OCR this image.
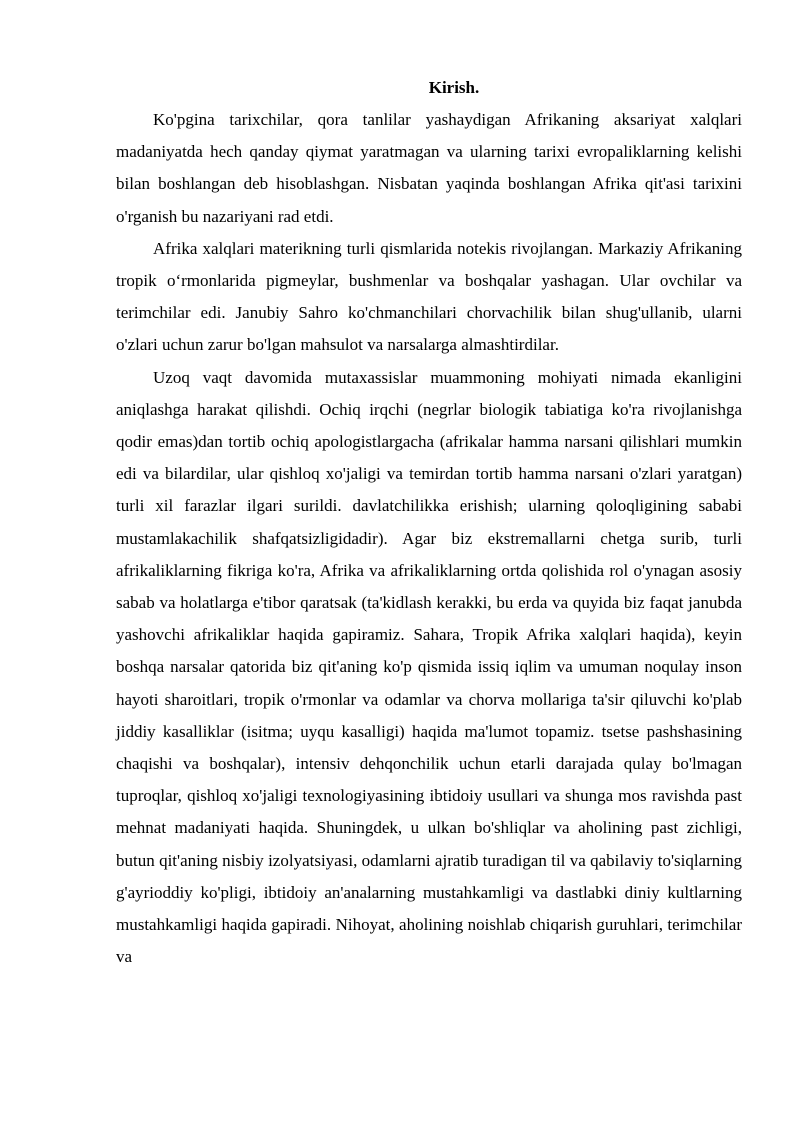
Kirish.

Ko'pgina tarixchilar, qora tanlilar yashaydigan Afrikaning aksariyat xalqlari madaniyatda hech qanday qiymat yaratmagan va ularning tarixi evropaliklarning kelishi bilan boshlangan deb hisoblashgan. Nisbatan yaqinda boshlangan Afrika qit'asi tarixini o'rganish bu nazariyani rad etdi.

Afrika xalqlari materikning turli qismlarida notekis rivojlangan. Markaziy Afrikaning tropik oʻrmonlarida pigmeylar, bushmenlar va boshqalar yashagan. Ular ovchilar va terimchilar edi. Janubiy Sahro ko'chmanchilari chorvachilik bilan shug'ullanib, ularni o'zlari uchun zarur bo'lgan mahsulot va narsalarga almashtirdilar.

Uzoq vaqt davomida mutaxassislar muammoning mohiyati nimada ekanligini aniqlashga harakat qilishdi. Ochiq irqchi (negrlar biologik tabiatiga ko'ra rivojlanishga qodir emas)dan tortib ochiq apologistlargacha (afrikalar hamma narsani qilishlari mumkin edi va bilardilar, ular qishloq xo'jaligi va temirdan tortib hamma narsani o'zlari yaratgan) turli xil farazlar ilgari surildi. davlatchilikka erishish; ularning qoloqligining sababi mustamlakachilik shafqatsizligidadir). Agar biz ekstremallarni chetga surib, turli afrikaliklarning fikriga ko'ra, Afrika va afrikaliklarning ortda qolishida rol o'ynagan asosiy sabab va holatlarga e'tibor qaratsak (ta'kidlash kerakki, bu erda va quyida biz faqat janubda yashovchi afrikaliklar haqida gapiramiz. Sahara, Tropik Afrika xalqlari haqida), keyin boshqa narsalar qatorida biz qit'aning ko'p qismida issiq iqlim va umuman noqulay inson hayoti sharoitlari, tropik o'rmonlar va odamlar va chorva mollariga ta'sir qiluvchi ko'plab jiddiy kasalliklar (isitma; uyqu kasalligi) haqida ma'lumot topamiz. tsetse pashshasining chaqishi va boshqalar), intensiv dehqonchilik uchun etarli darajada qulay bo'lmagan tuproqlar, qishloq xo'jaligi texnologiyasining ibtidoiy usullari va shunga mos ravishda past mehnat madaniyati haqida. Shuningdek, u ulkan bo'shliqlar va aholining past zichligi, butun qit'aning nisbiy izolyatsiyasi, odamlarni ajratib turadigan til va qabilaviy to'siqlarning g'ayrioddiy ko'pligi, ibtidoiy an'analarning mustahkamligi va dastlabki diniy kultlarning mustahkamligi haqida gapiradi. Nihoyat, aholining noishlab chiqarish guruhlari, terimchilar va
